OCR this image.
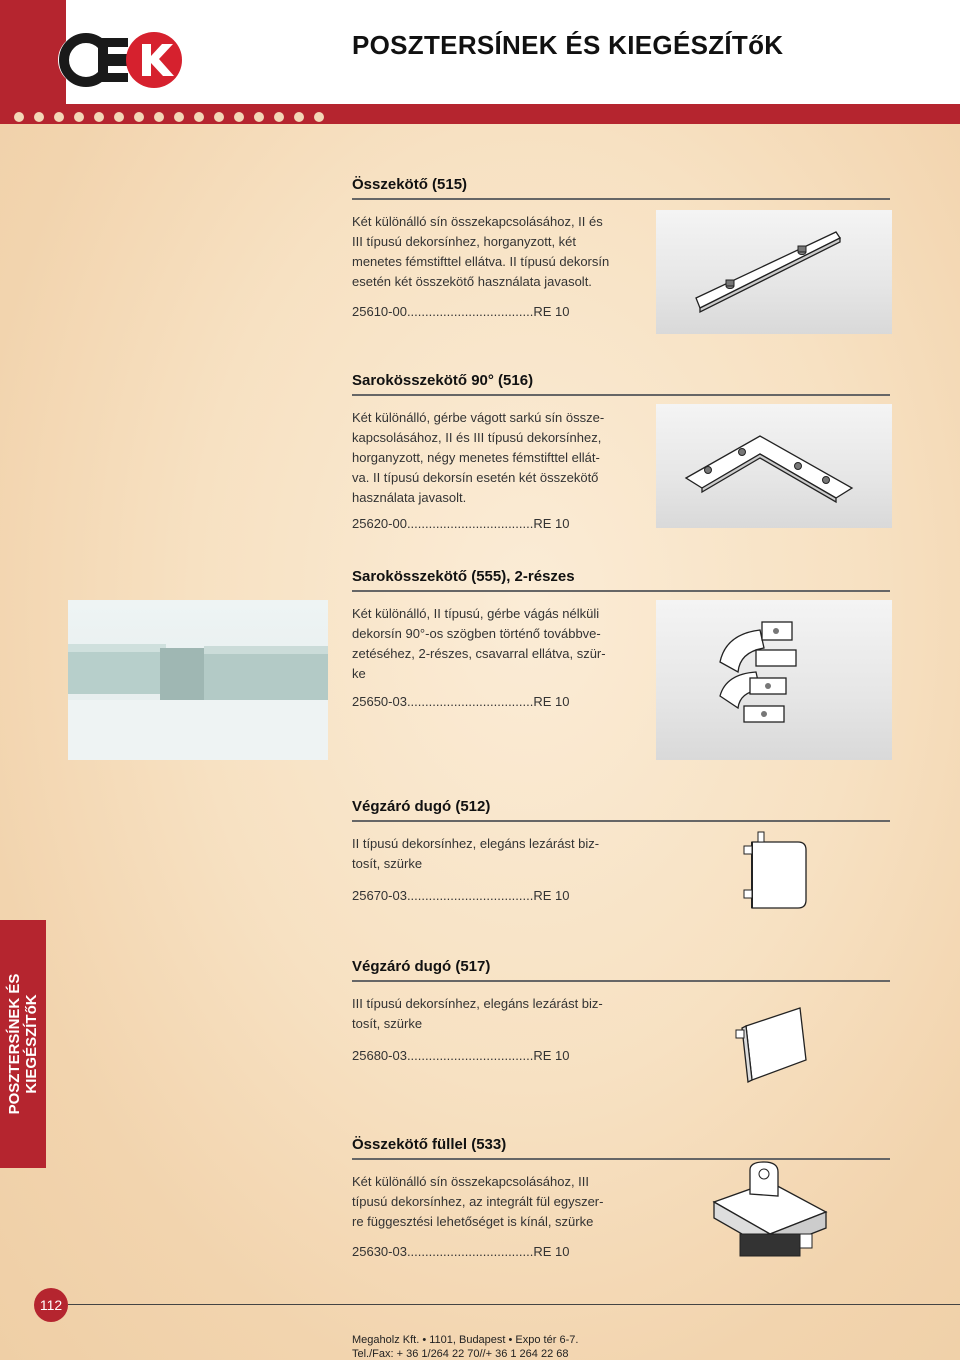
POSZTERSÍNEK ÉS KIEGÉSZÍTőK
POSZTERSÍNEK ÉS KIEGÉSZÍTőK
Összekötő (515)
Két különálló sín összekapcsolásához, II és
III típusú dekorsínhez, horganyzott, két
menetes fémstifttel ellátva. II típusú dekorsín
esetén két összekötő használata javasolt.
25610-00...................................RE 10
Sarokösszekötő 90° (516)
Két különálló, gérbe vágott sarkú sín össze-
kapcsolásához, II és III típusú dekorsínhez,
horganyzott, négy menetes fémstifttel ellát-
va. II típusú dekorsín esetén két összekötő
használata javasolt.
25620-00...................................RE 10
Sarokösszekötő (555), 2-részes
Két különálló, II típusú, gérbe vágás nélküli
dekorsín 90°-os szögben történő továbbve-
zetéséhez, 2-részes, csavarral ellátva, szür-
ke
25650-03...................................RE 10
Végzáró dugó (512)
II típusú dekorsínhez, elegáns lezárást biz-
tosít, szürke
25670-03...................................RE 10
Végzáró dugó (517)
III típusú dekorsínhez, elegáns lezárást biz-
tosít, szürke
25680-03...................................RE 10
Összekötő füllel (533)
Két különálló sín összekapcsolásához, III
típusú dekorsínhez, az integrált fül egyszer-
re függesztési lehetőséget is kínál, szürke
25630-03...................................RE 10
112
Megaholz Kft. • 1101, Budapest • Expo tér 6-7.
Tel./Fax: + 36 1/264 22 70//+ 36 1 264 22 68
